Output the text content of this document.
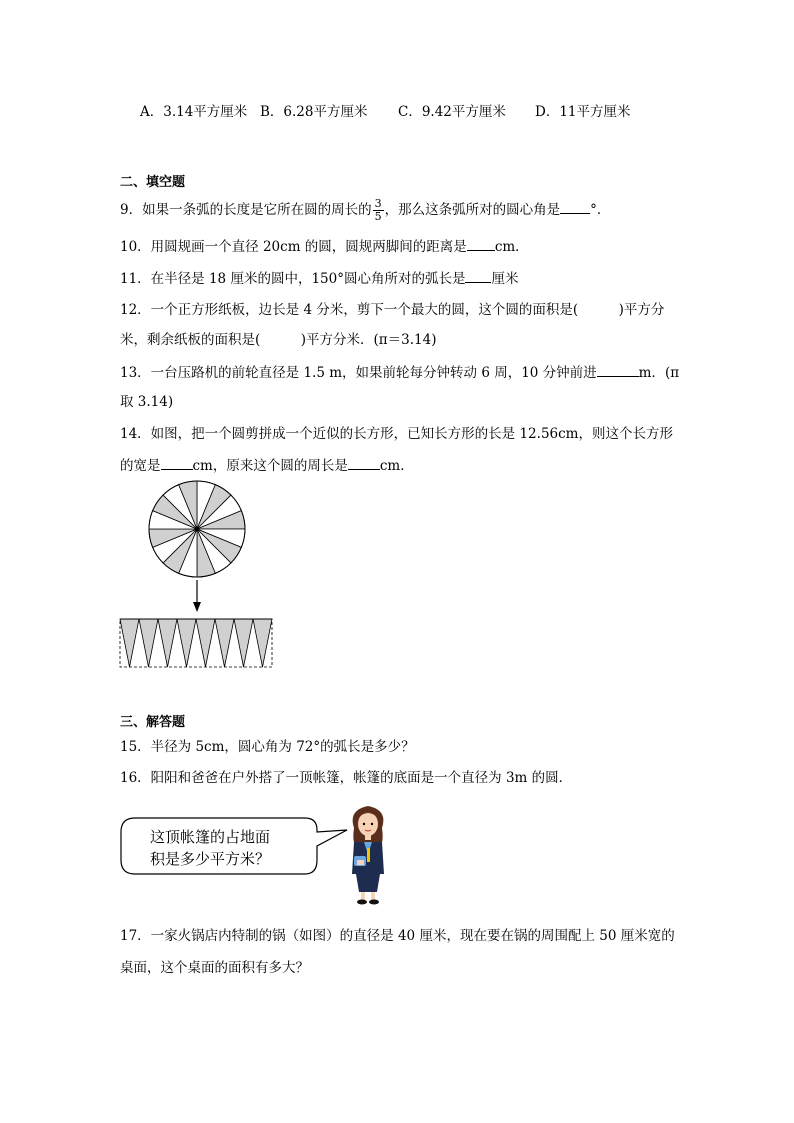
A．3.14平方厘米 B．6.28平方厘米 C．9.42平方厘米 D．11平方厘米
二、填空题
9．如果一条弧的长度是它所在圆的周长的 $\frac{3}{5}$ ，那么这条弧所对的圆心角是 °．
10．用圆规画一个直径 20cm 的圆，圆规两脚间的距离是 cm．
11．在半径是 18 厘米的圆中，150°圆心角所对的弧长是 厘米
12．一个正方形纸板，边长是 4 分米，剪下一个最大的圆，这个圆的面积是(　　　)平方分
米，剩余纸板的面积是(　　　)平方分米．(π＝3.14)
13．一台压路机的前轮直径是 1.5 m，如果前轮每分钟转动 6 周，10 分钟前进	m．(π
取 3.14)
14．如图，把一个圆剪拼成一个近似的长方形，已知长方形的长是 12.56cm，则这个长方形
的宽是 cm，原来这个圆的周长是 cm．
三、解答题
15．半径为 5cm，圆心角为 72°的弧长是多少？
16．阳阳和爸爸在户外搭了一顶帐篷，帐篷的底面是一个直径为 3m 的圆．
这顶帐篷的占地面
积是多少平方米？
17．一家火锅店内特制的锅（如图）的直径是 40 厘米，现在要在锅的周围配上 50 厘米宽的
桌面，这个桌面的面积有多大？
